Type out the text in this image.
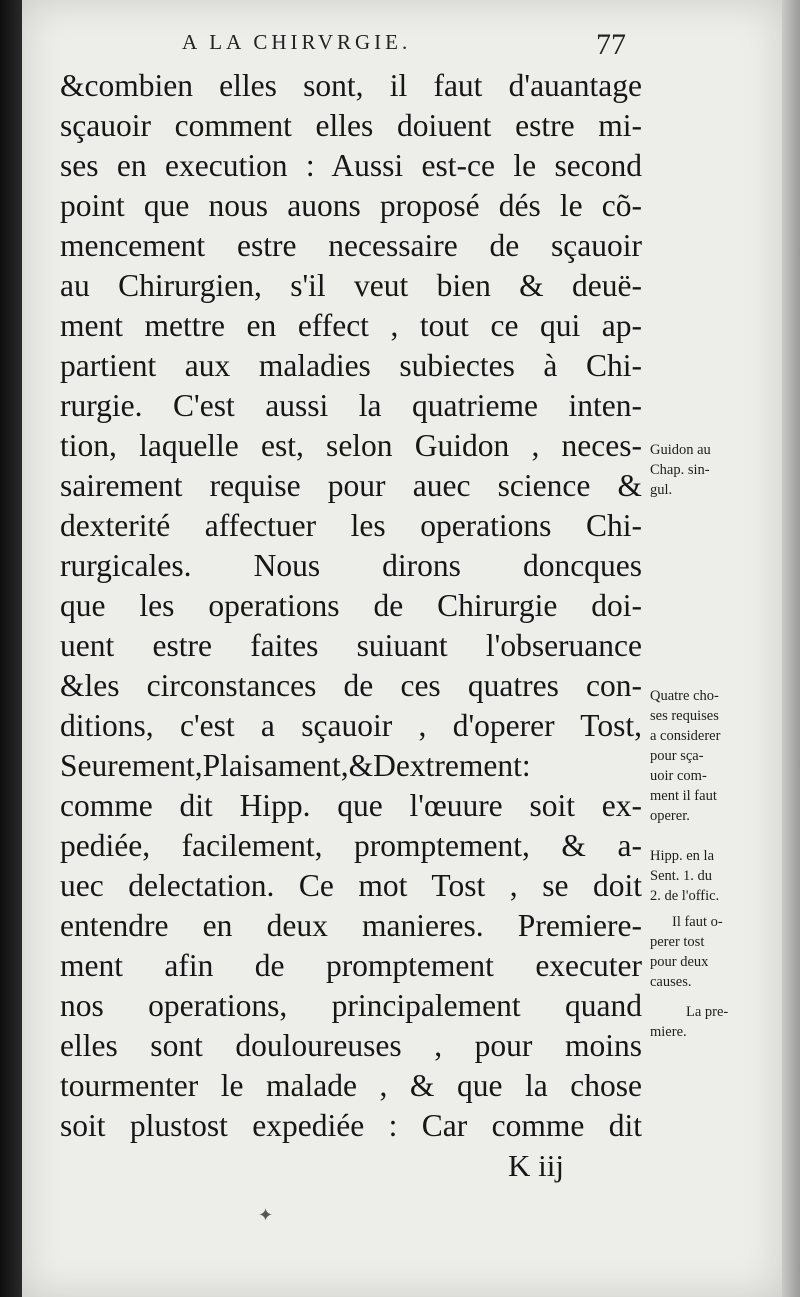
A LA CHIRVRGIE.	77
&combien elles sont, il faut d'auantage
sçauoir comment elles doiuent estre mi-
ses en execution : Aussi est-ce le second
point que nous auons proposé dés le cõ-
mencement estre necessaire de sçauoir
au Chirurgien, s'il veut bien & deuë-
ment mettre en effect , tout ce qui ap-
partient aux maladies subiectes à Chi-
rurgie. C'est aussi la quatrieme inten-
tion, laquelle est, selon Guidon , neces-
sairement requise pour auec science &
dexterité affectuer les operations Chi-
rurgicales. Nous dirons doncques
que les operations de Chirurgie doi-
uent estre faites suiuant l'obseruance
&les circonstances de ces quatres con-
ditions, c'est a sçauoir , d'operer Tost,
Seurement,Plaisament,&Dextrement:
comme dit Hipp. que l'œuure soit ex-
pediée, facilement, promptement, & a-
uec delectation. Ce mot Tost , se doit
entendre en deux manieres. Premiere-
ment afin de promptement executer
nos operations, principalement quand
elles sont douloureuses , pour moins
tourmenter le malade , & que la chose
soit plustost expediée : Car comme dit
K iij
Guidon au
Chap. sin-
gul.
Quatre cho-
ses requises
a considerer
pour sça-
uoir com-
ment il faut
operer.
Hipp. en la
Sent. 1. du
2. de l'offic.
Il faut o-
perer tost
pour deux
causes.
La pre-
miere.
✦
